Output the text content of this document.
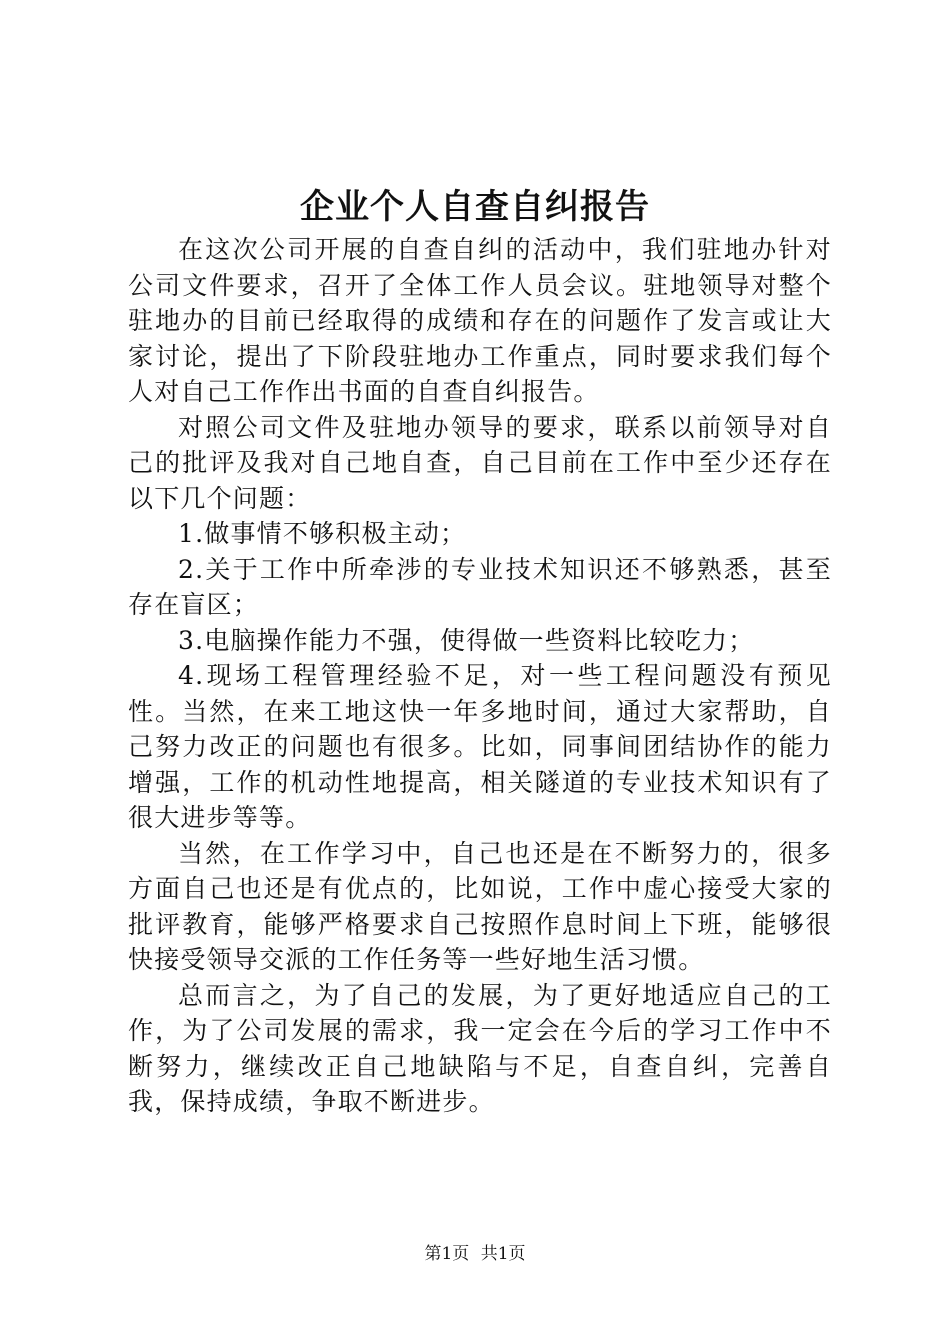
企业个人自查自纠报告

在这次公司开展的自查自纠的活动中，我们驻地办针对公司文件要求，召开了全体工作人员会议。驻地领导对整个驻地办的目前已经取得的成绩和存在的问题作了发言或让大家讨论，提出了下阶段驻地办工作重点，同时要求我们每个人对自己工作作出书面的自查自纠报告。

对照公司文件及驻地办领导的要求，联系以前领导对自己的批评及我对自己地自查，自己目前在工作中至少还存在以下几个问题：

1.做事情不够积极主动；

2.关于工作中所牵涉的专业技术知识还不够熟悉，甚至存在盲区；

3.电脑操作能力不强，使得做一些资料比较吃力；

4.现场工程管理经验不足，对一些工程问题没有预见性。当然，在来工地这快一年多地时间，通过大家帮助，自己努力改正的问题也有很多。比如，同事间团结协作的能力增强，工作的机动性地提高，相关隧道的专业技术知识有了很大进步等等。

当然，在工作学习中，自己也还是在不断努力的，很多方面自己也还是有优点的，比如说，工作中虚心接受大家的批评教育，能够严格要求自己按照作息时间上下班，能够很快接受领导交派的工作任务等一些好地生活习惯。

总而言之，为了自己的发展，为了更好地适应自己的工作，为了公司发展的需求，我一定会在今后的学习工作中不断努力，继续改正自己地缺陷与不足，自查自纠，完善自我，保持成绩，争取不断进步。

第1页 共1页
